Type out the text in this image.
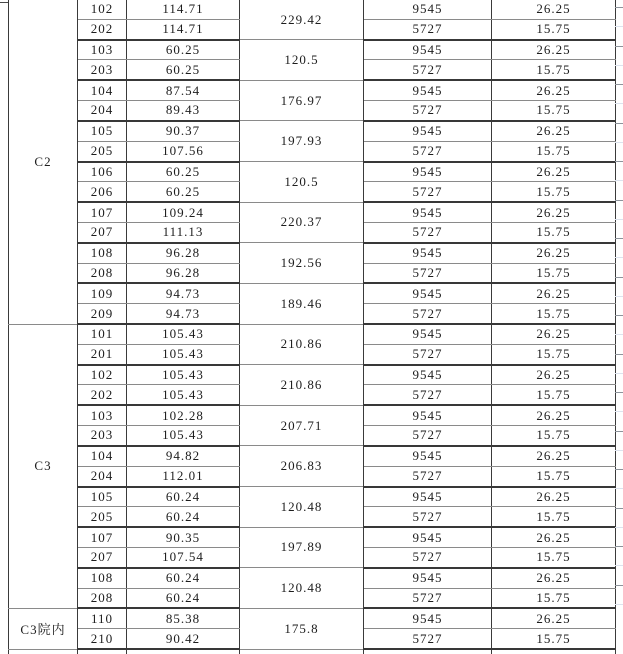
C2	102	114.71	229.42	9545	26.25
	202	114.71		5727	15.75
	103	60.25	120.5	9545	26.25
	203	60.25		5727	15.75
	104	87.54	176.97	9545	26.25
	204	89.43		5727	15.75
	105	90.37	197.93	9545	26.25
	205	107.56		5727	15.75
	106	60.25	120.5	9545	26.25
	206	60.25		5727	15.75
	107	109.24	220.37	9545	26.25
	207	111.13		5727	15.75
	108	96.28	192.56	9545	26.25
	208	96.28		5727	15.75
	109	94.73	189.46	9545	26.25
	209	94.73		5727	15.75
C3	101	105.43	210.86	9545	26.25
	201	105.43		5727	15.75
	102	105.43	210.86	9545	26.25
	202	105.43		5727	15.75
	103	102.28	207.71	9545	26.25
	203	105.43		5727	15.75
	104	94.82	206.83	9545	26.25
	204	112.01		5727	15.75
	105	60.24	120.48	9545	26.25
	205	60.24		5727	15.75
	107	90.35	197.89	9545	26.25
	207	107.54		5727	15.75
	108	60.24	120.48	9545	26.25
	208	60.24		5727	15.75
C3院内	110	85.38	175.8	9545	26.25
	210	90.42		5727	15.75
